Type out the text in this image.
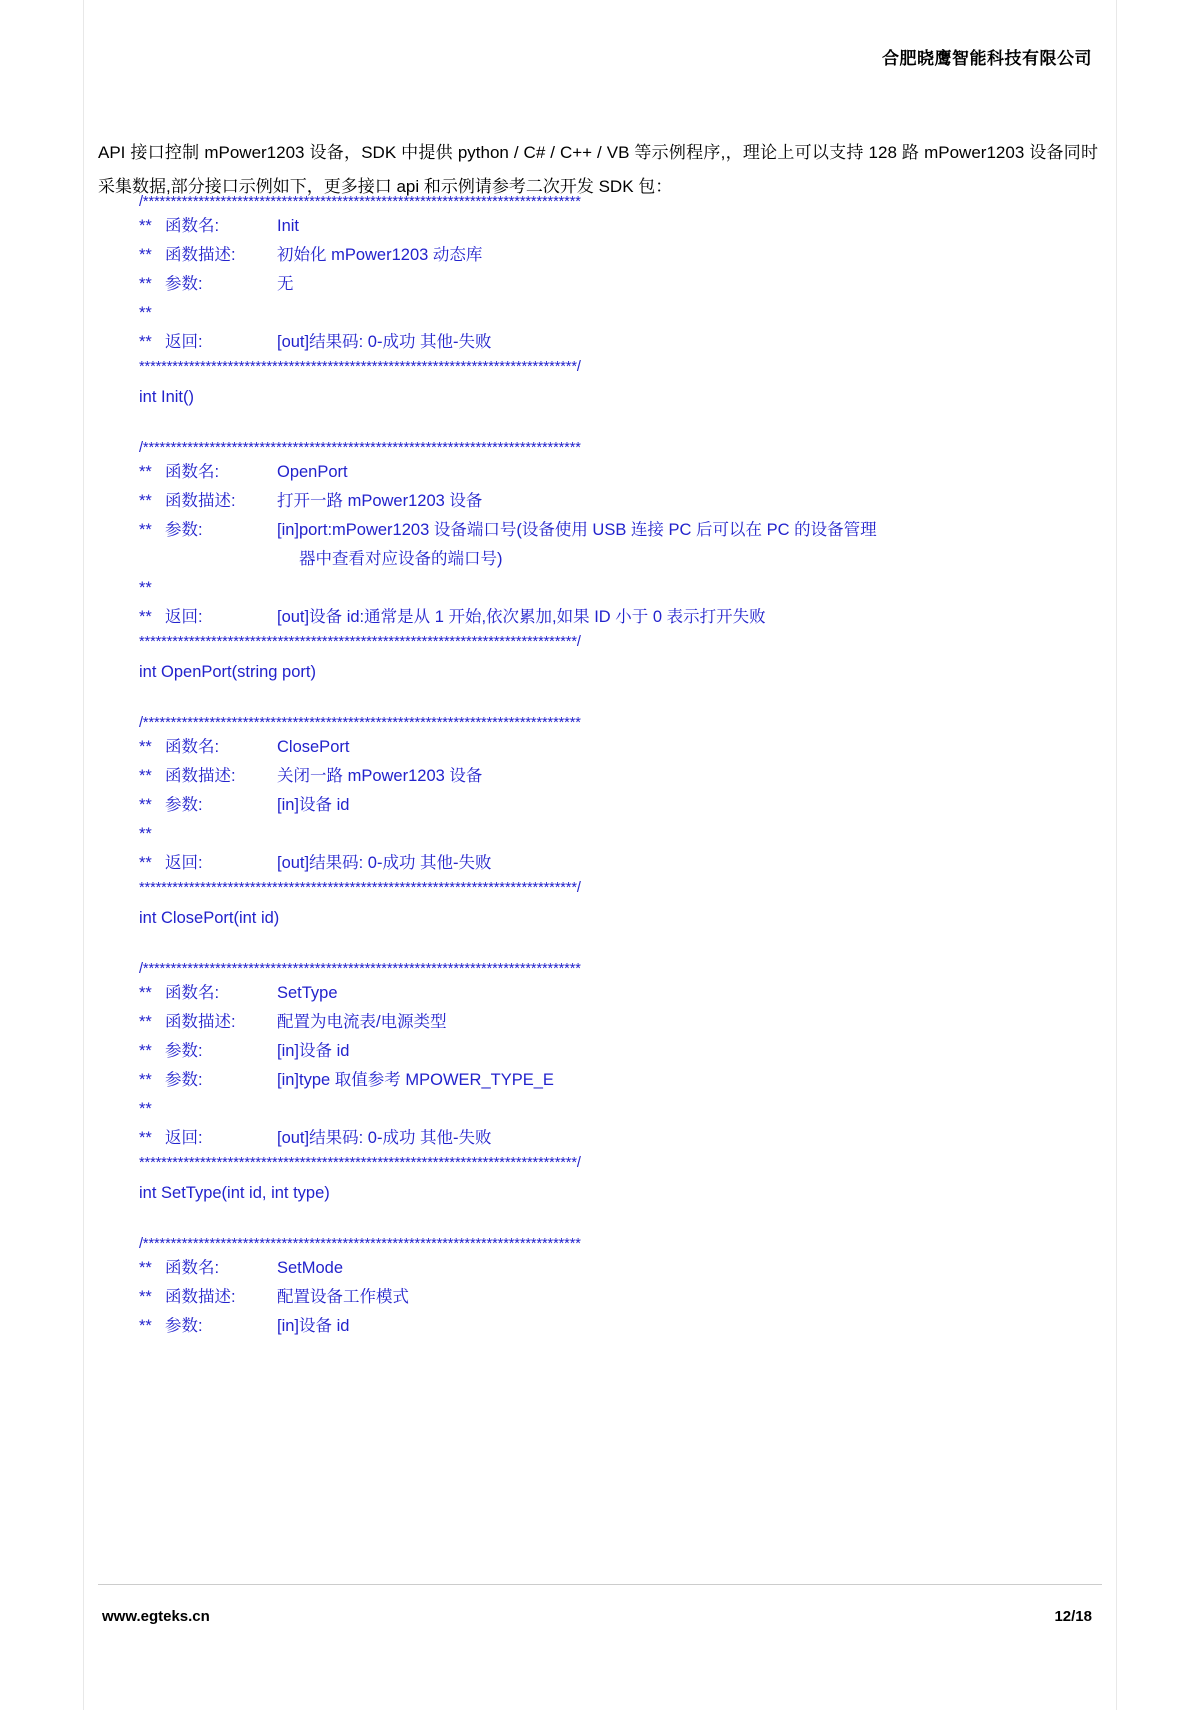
合肥晓鹰智能科技有限公司
API 接口控制 mPower1203 设备，SDK 中提供 python / C# / C++ / VB 等示例程序,，理论上可以支持 128 路 mPower1203 设备同时采集数据,部分接口示例如下，更多接口 api 和示例请参考二次开发 SDK 包：
/*******************************************************************************
** 函数名:	Init
** 函数描述:	初始化 mPower1203 动态库
** 参数:	无
**
** 返回:	[out]结果码: 0-成功 其他-失败
*******************************************************************************/
int Init()
/*******************************************************************************
** 函数名:	OpenPort
** 函数描述:	打开一路 mPower1203 设备
** 参数:	[in]port:mPower1203 设备端口号(设备使用 USB 连接 PC 后可以在 PC 的设备管理
器中查看对应设备的端口号)
**
** 返回:	[out]设备 id:通常是从 1 开始,依次累加,如果 ID 小于 0 表示打开失败
*******************************************************************************/
int OpenPort(string port)
/*******************************************************************************
** 函数名:	ClosePort
** 函数描述:	关闭一路 mPower1203 设备
** 参数:	[in]设备 id
**
** 返回:	[out]结果码: 0-成功 其他-失败
*******************************************************************************/
int ClosePort(int id)
/*******************************************************************************
** 函数名:	SetType
** 函数描述:	配置为电流表/电源类型
** 参数:	[in]设备 id
** 参数:	[in]type 取值参考 MPOWER_TYPE_E
**
** 返回:	[out]结果码: 0-成功 其他-失败
*******************************************************************************/
int SetType(int id, int type)
/*******************************************************************************
** 函数名:	SetMode
** 函数描述:	配置设备工作模式
** 参数:	[in]设备 id
www.egteks.cn	12/18
